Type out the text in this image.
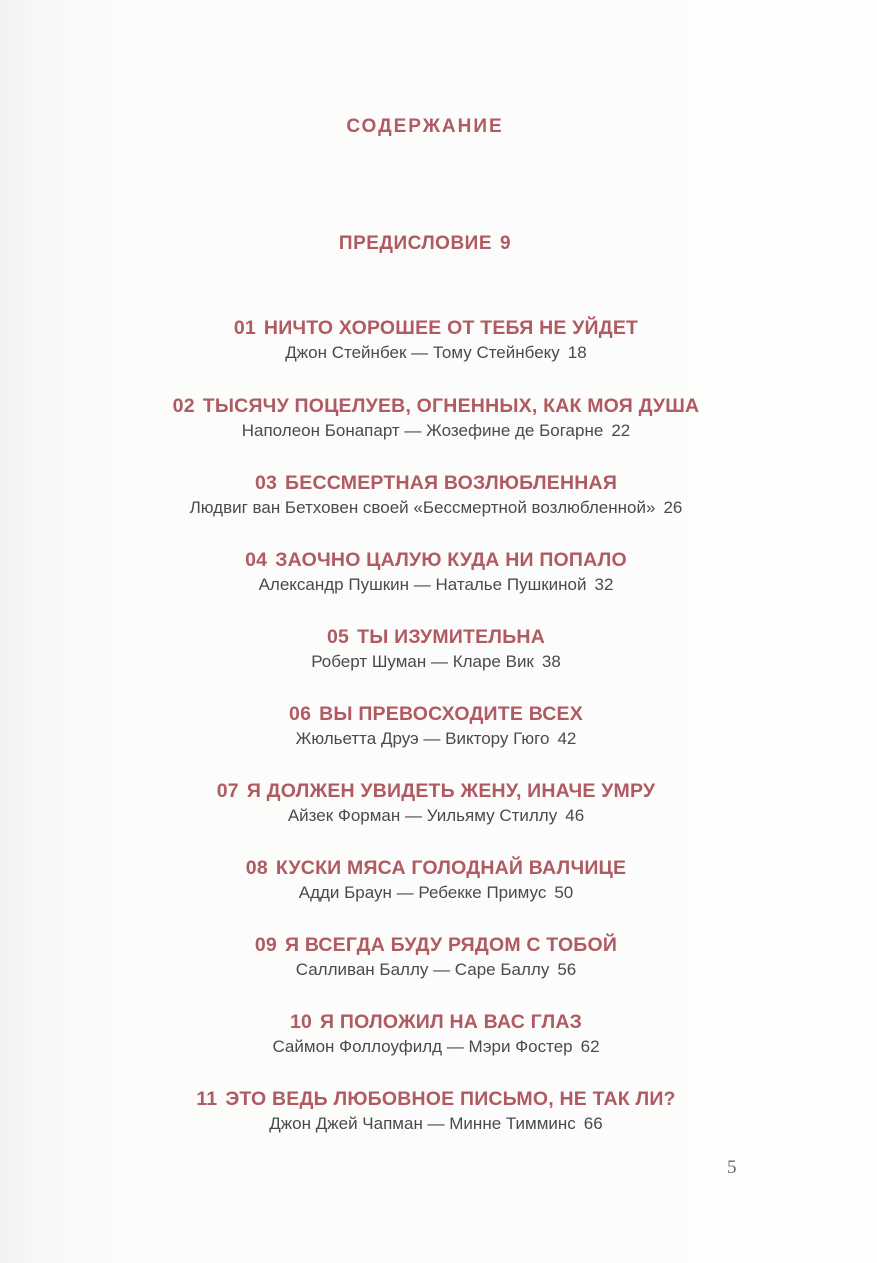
СОДЕРЖАНИЕ
ПРЕДИСЛОВИЕ 9
01 НИЧТО ХОРОШЕЕ ОТ ТЕБЯ НЕ УЙДЕТ
Джон Стейнбек — Тому Стейнбеку 18
02 ТЫСЯЧУ ПОЦЕЛУЕВ, ОГНЕННЫХ, КАК МОЯ ДУША
Наполеон Бонапарт — Жозефине де Богарне 22
03 БЕССМЕРТНАЯ ВОЗЛЮБЛЕННАЯ
Людвиг ван Бетховен своей «Бессмертной возлюбленной» 26
04 ЗАОЧНО ЦАЛУЮ КУДА НИ ПОПАЛО
Александр Пушкин — Наталье Пушкиной 32
05 ТЫ ИЗУМИТЕЛЬНА
Роберт Шуман — Кларе Вик 38
06 ВЫ ПРЕВОСХОДИТЕ ВСЕХ
Жюльетта Друэ — Виктору Гюго 42
07 Я ДОЛЖЕН УВИДЕТЬ ЖЕНУ, ИНАЧЕ УМРУ
Айзек Форман — Уильяму Стиллу 46
08 КУСКИ МЯСА ГОЛОДНАЙ ВАЛЧИЦЕ
Адди Браун — Ребекке Примус 50
09 Я ВСЕГДА БУДУ РЯДОМ С ТОБОЙ
Салливан Баллу — Саре Баллу 56
10 Я ПОЛОЖИЛ НА ВАС ГЛАЗ
Саймон Фоллоуфилд — Мэри Фостер 62
11 ЭТО ВЕДЬ ЛЮБОВНОЕ ПИСЬМО, НЕ ТАК ЛИ?
Джон Джей Чапман — Минне Тимминс 66
5
